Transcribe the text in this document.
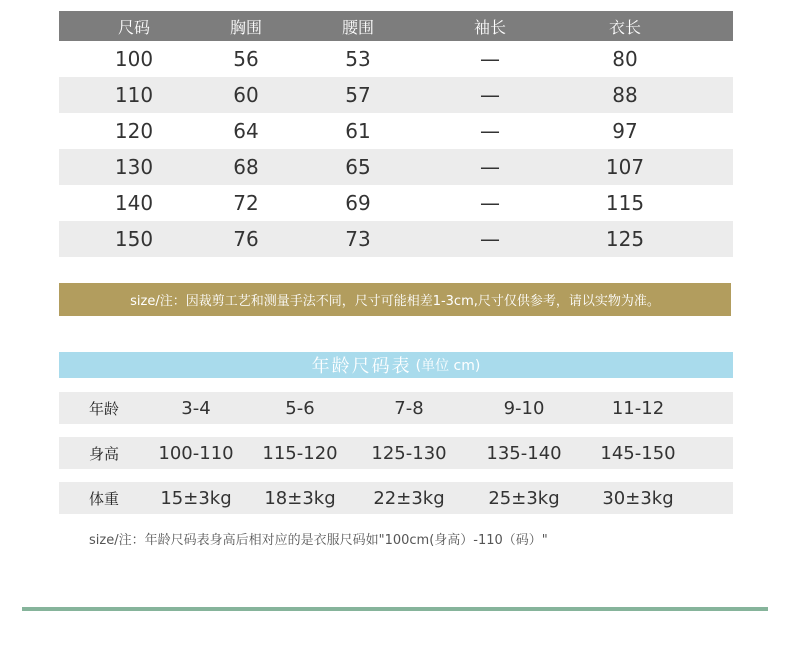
尺码	胸围	腰围	袖长	衣长
100	56	53	—	80
110	60	57	—	88
120	64	61	—	97
130	68	65	—	107
140	72	69	—	115
150	76	73	—	125
size/注：因裁剪工艺和测量手法不同，尺寸可能相差1-3cm,尺寸仅供参考，请以实物为准。
年龄尺码表 (单位 cm)
年龄	3-4	5-6	7-8	9-10	11-12
身高	100-110	115-120	125-130	135-140	145-150
体重	15±3kg	18±3kg	22±3kg	25±3kg	30±3kg
size/注：年龄尺码表身高后相对应的是衣服尺码如"100cm(身高）-110（码）"
